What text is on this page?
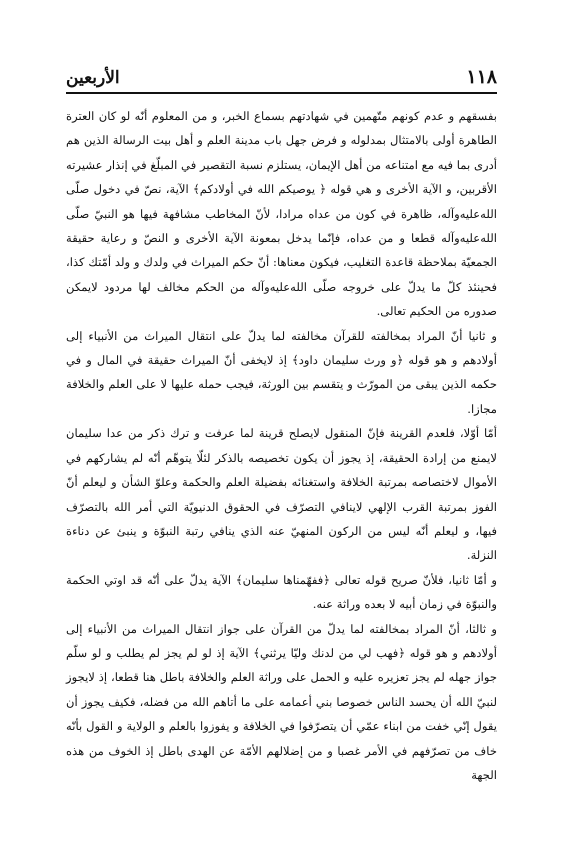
١١٨
الأربعين

بفسقهم و عدم كونهم متّهمين في شهادتهم بسماع الخبر، و من المعلوم أنّه لو كان العترة الطاهرة أولى بالامتثال بمدلوله و فرض جهل باب مدينة العلم و أهل بيت الرسالة الذين هم أدرى بما فيه مع امتناعه من أهل الإيمان، يستلزم نسبة التقصير في المبلّغ في إنذار عشيرته الأقربين، و الآية الأخرى و هي قوله ﴿ يوصيكم الله في أولادكم﴾ الآية، نصّ في دخول صلّى الله‌عليه‌وآله، ظاهرة في كون من عداه مرادا، لأنّ المخاطب مشافهة فيها هو النبيّ صلّى الله‌عليه‌وآله قطعا و من عداه، فإنّما يدخل بمعونة الآية الأخرى و النصّ و رعاية حقيقة الجمعيّة بملاحظة قاعدة التغليب، فيكون معناها: أنّ حكم الميراث في ولدك و ولد أمّتك كذا، فحينئذ كلّ ما يدلّ على خروجه صلّى الله‌عليه‌وآله من الحكم مخالف لها مردود لايمكن صدوره من الحكيم تعالى.

و ثانيا أنّ المراد بمخالفته للقرآن مخالفته لما يدلّ على انتقال الميراث من الأنبياء إلى أولادهم و هو قوله ﴿و ورث سليمان داود﴾ إذ لايخفى أنّ الميراث حقيقة في المال و في حكمه الذين يبقى من المورّث و يتقسم بين الورثة، فيجب حمله عليها لا على العلم والخلافة مجازا.

أمّا أوّلا، فلعدم القرينة فإنّ المنقول لايصلح قرينة لما عرفت و ترك ذكر من عدا سليمان لايمنع من إرادة الحقيقة، إذ يجوز أن يكون تخصيصه بالذكر لئلّا يتوهّم أنّه لم يشاركهم في الأموال لاختصاصه بمرتبة الخلافة واستغنائه بفضيلة العلم والحكمة وعلوّ الشأن و ليعلم أنّ الفوز بمرتبة القرب الإلهي لاينافي التصرّف في الحقوق الدنيويّة التي أمر الله بالتصرّف فيها، و ليعلم أنّه ليس من الركون المنهيّ عنه الذي ينافي رتبة النبوّة و ينبئ عن دناءة النزلة.

و أمّا ثانيا، فلأنّ صريح قوله تعالى ﴿ففهّمناها سليمان﴾ الآية يدلّ على أنّه قد اوتي الحكمة والنبوّة في زمان أبيه لا بعده وراثة عنه.

و ثالثا، أنّ المراد بمخالفته لما يدلّ من القرآن على جواز انتقال الميراث من الأنبياء إلى أولادهم و هو قوله ﴿فهب لي من لدنك وليّا يرثني﴾ الآية إذ لو لم يجز لم يطلب و لو سلّم جواز جهله لم يجز تعزيره عليه و الحمل على وراثة العلم والخلافة باطل هنا قطعا، إذ لايجوز لنبيّ الله أن يحسد الناس خصوصا بني أعمامه على ما أتاهم الله من فضله، فكيف يجوز أن يقول إنّي خفت من ابناء عمّي أن يتصرّفوا في الخلافة و يفوزوا بالعلم و الولاية و القول بأنّه خاف من تصرّفهم في الأمر غصبا و من إضلالهم الأمّة عن الهدى باطل إذ الخوف من هذه الجهة
